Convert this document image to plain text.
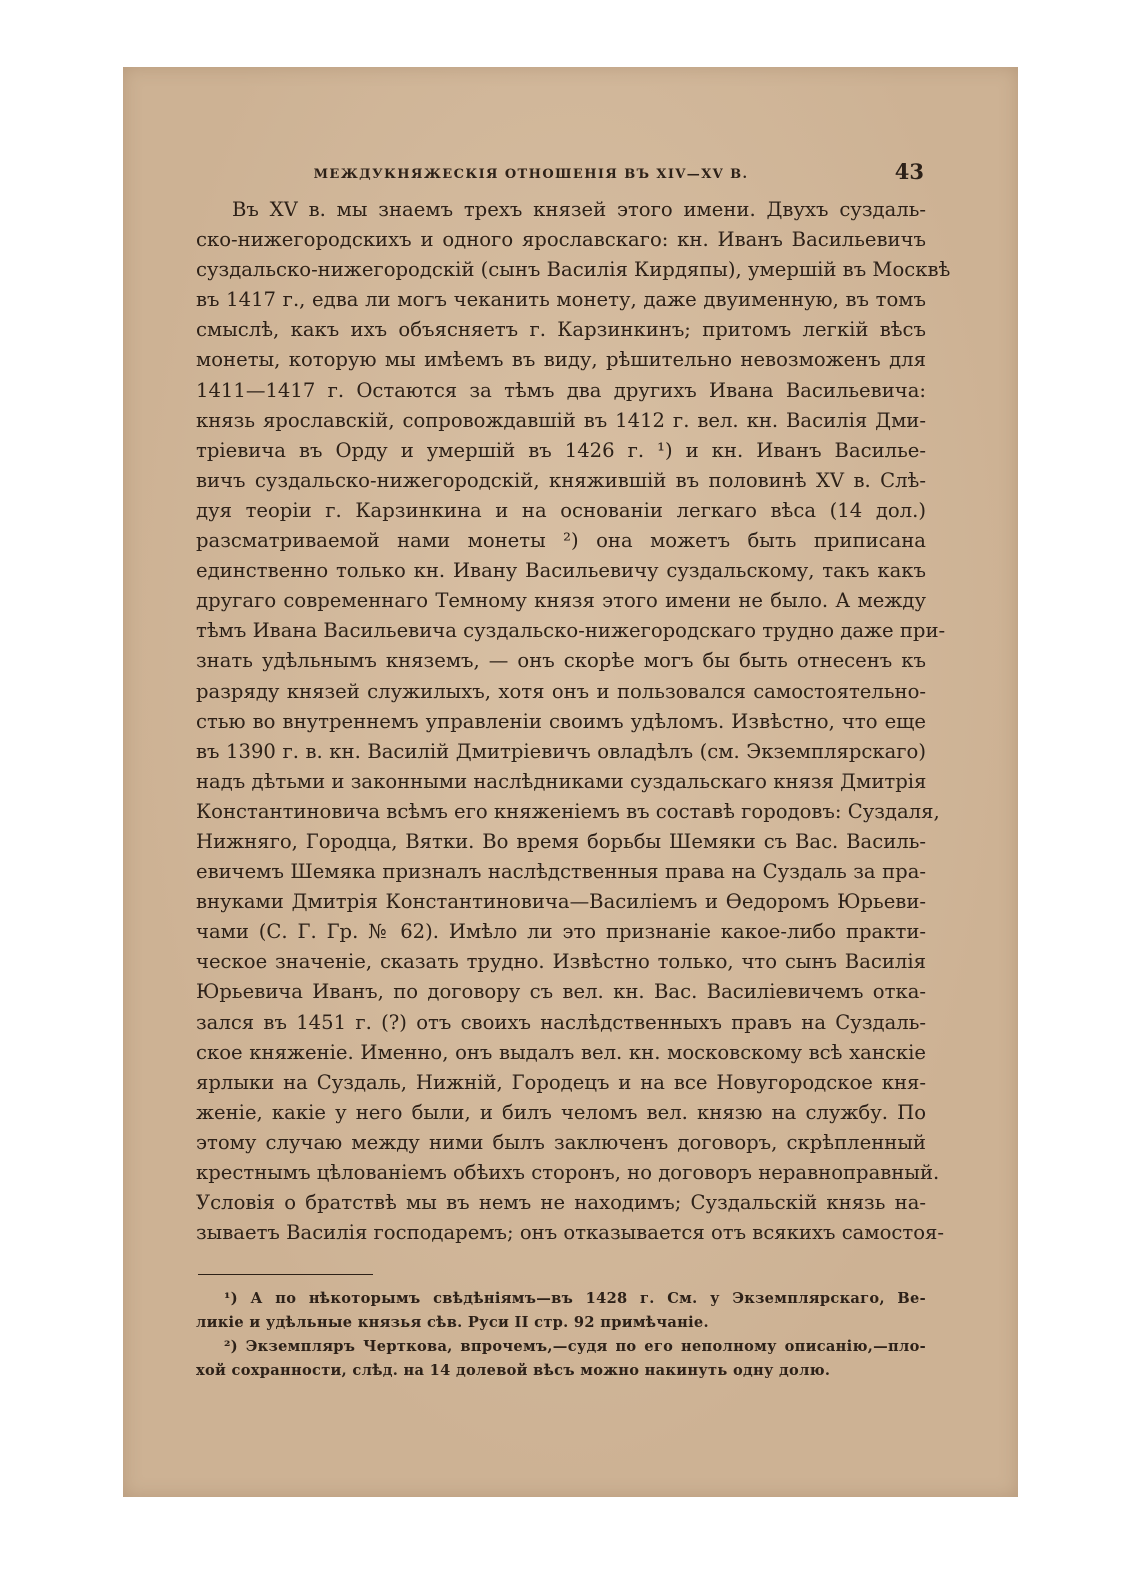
МЕЖДУКНЯЖЕСКІЯ ОТНОШЕНІЯ ВЪ XIV—XV В.	43

Въ XV в. мы знаемъ трехъ князей этого имени. Двухъ суздаль-

ско-нижегородскихъ и одного ярославскаго: кн. Иванъ Васильевичъ

суздальско-нижегородскій (сынъ Василія Кирдяпы), умершій въ Москвѣ

въ 1417 г., едва ли могъ чеканить монету, даже двуименную, въ томъ

смыслѣ, какъ ихъ объясняетъ г. Карзинкинъ; притомъ легкій вѣсъ

монеты, которую мы имѣемъ въ виду, рѣшительно невозможенъ для

1411—1417 г. Остаются за тѣмъ два другихъ Ивана Васильевича:

князь ярославскій, сопровождавшій въ 1412 г. вел. кн. Василія Дми-

тріевича въ Орду и умершій въ 1426 г. ¹) и кн. Иванъ Василье-

вичъ суздальско-нижегородскій, княжившій въ половинѣ XV в. Слѣ-

дуя теоріи г. Карзинкина и на основаніи легкаго вѣса (14 дол.)

разсматриваемой нами монеты ²) она можетъ быть приписана

единственно только кн. Ивану Васильевичу суздальскому, такъ какъ

другаго современнаго Темному князя этого имени не было. А между

тѣмъ Ивана Васильевича суздальско-нижегородскаго трудно даже при-

знать удѣльнымъ княземъ, — онъ скорѣе могъ бы быть отнесенъ къ

разряду князей служилыхъ, хотя онъ и пользовался самостоятельно-

стью во внутреннемъ управленіи своимъ удѣломъ. Извѣстно, что еще

въ 1390 г. в. кн. Василій Дмитріевичъ овладѣлъ (см. Экземплярскаго)

надъ дѣтьми и законными наслѣдниками суздальскаго князя Дмитрія

Константиновича всѣмъ его княженіемъ въ составѣ городовъ: Суздаля,

Нижняго, Городца, Вятки. Во время борьбы Шемяки съ Вас. Василь-

евичемъ Шемяка призналъ наслѣдственныя права на Суздаль за пра-

внуками Дмитрія Константиновича—Василіемъ и Ѳедоромъ Юрьеви-

чами (С. Г. Гр. № 62). Имѣло ли это признаніе какое-либо практи-

ческое значеніе, сказать трудно. Извѣстно только, что сынъ Василія

Юрьевича Иванъ, по договору съ вел. кн. Вас. Василіевичемъ отка-

зался въ 1451 г. (?) отъ своихъ наслѣдственныхъ правъ на Суздаль-

ское княженіе. Именно, онъ выдалъ вел. кн. московскому всѣ ханскіе

ярлыки на Суздаль, Нижній, Городецъ и на все Новугородское кня-

женіе, какіе у него были, и билъ челомъ вел. князю на службу. По

этому случаю между ними былъ заключенъ договоръ, скрѣпленный

крестнымъ цѣлованіемъ обѣихъ сторонъ, но договоръ неравноправный.

Условія о братствѣ мы въ немъ не находимъ; Суздальскій князь на-

зываетъ Василія господаремъ; онъ отказывается отъ всякихъ самостоя-

¹) А по нѣкоторымъ свѣдѣніямъ—въ 1428 г. См. у Экземплярскаго, Ве-

ликіе и удѣльные князья сѣв. Руси II стр. 92 примѣчаніе.

²) Экземпляръ Черткова, впрочемъ,—судя по его неполному описанію,—пло-

хой сохранности, слѣд. на 14 долевой вѣсъ можно накинуть одну долю.
